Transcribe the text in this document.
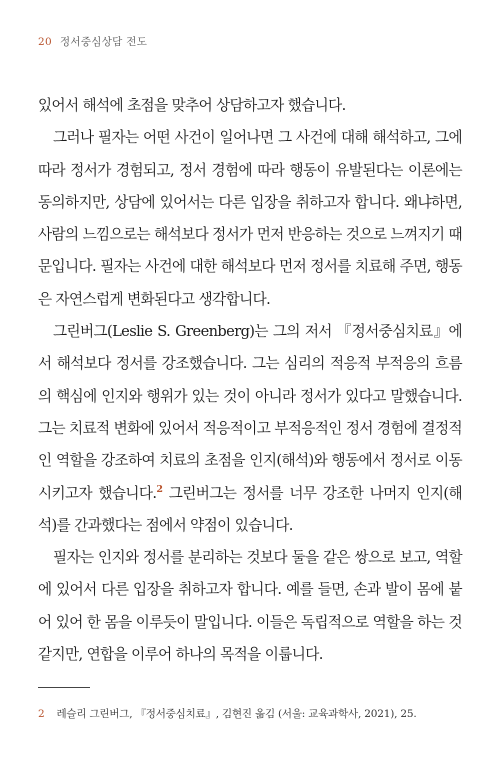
20 정서중심상담 전도

있어서 해석에 초점을 맞추어 상담하고자 했습니다.

그러나 필자는 어떤 사건이 일어나면 그 사건에 대해 해석하고, 그에 따라 정서가 경험되고, 정서 경험에 따라 행동이 유발된다는 이론에는 동의하지만, 상담에 있어서는 다른 입장을 취하고자 합니다. 왜냐하면, 사람의 느낌으로는 해석보다 정서가 먼저 반응하는 것으로 느껴지기 때문입니다. 필자는 사건에 대한 해석보다 먼저 정서를 치료해 주면, 행동은 자연스럽게 변화된다고 생각합니다.

그린버그(Leslie S. Greenberg)는 그의 저서 『정서중심치료』에서 해석보다 정서를 강조했습니다. 그는 심리의 적응적 부적응의 흐름의 핵심에 인지와 행위가 있는 것이 아니라 정서가 있다고 말했습니다. 그는 치료적 변화에 있어서 적응적이고 부적응적인 정서 경험에 결정적인 역할을 강조하여 치료의 초점을 인지(해석)와 행동에서 정서로 이동시키고자 했습니다.$^2$ 그린버그는 정서를 너무 강조한 나머지 인지(해석)를 간과했다는 점에서 약점이 있습니다.

필자는 인지와 정서를 분리하는 것보다 둘을 같은 쌍으로 보고, 역할에 있어서 다른 입장을 취하고자 합니다. 예를 들면, 손과 발이 몸에 붙어 있어 한 몸을 이루듯이 말입니다. 이들은 독립적으로 역할을 하는 것 같지만, 연합을 이루어 하나의 목적을 이룹니다.

2 레슬리 그린버그, 『정서중심치료』, 김현진 옮김 (서울: 교육과학사, 2021), 25.
